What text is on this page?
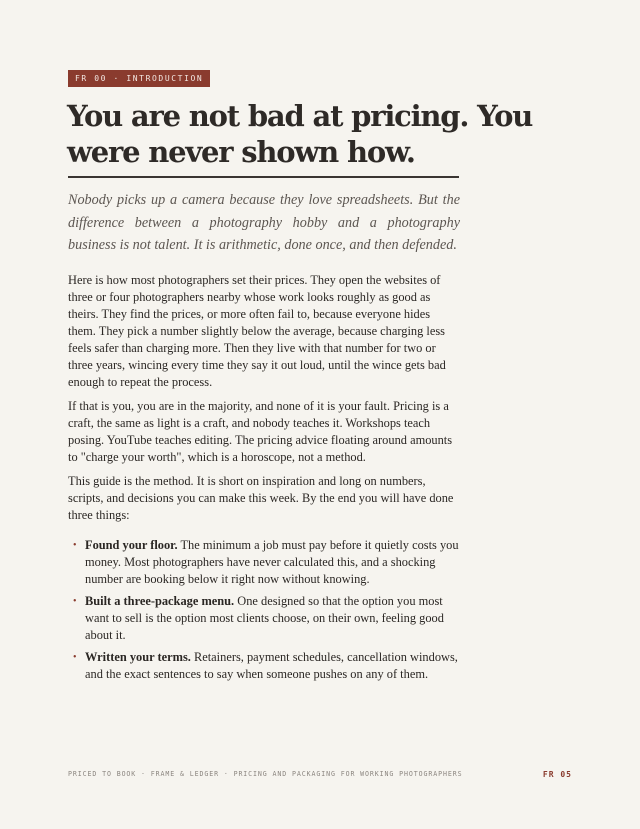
FR 00 · INTRODUCTION
You are not bad at pricing. You were never shown how.

Nobody picks up a camera because they love spreadsheets. But the difference between a photography hobby and a photography business is not talent. It is arithmetic, done once, and then defended.

Here is how most photographers set their prices. They open the websites of three or four photographers nearby whose work looks roughly as good as theirs. They find the prices, or more often fail to, because everyone hides them. They pick a number slightly below the average, because charging less feels safer than charging more. Then they live with that number for two or three years, wincing every time they say it out loud, until the wince gets bad enough to repeat the process.

If that is you, you are in the majority, and none of it is your fault. Pricing is a craft, the same as light is a craft, and nobody teaches it. Workshops teach posing. YouTube teaches editing. The pricing advice floating around amounts to "charge your worth", which is a horoscope, not a method.

This guide is the method. It is short on inspiration and long on numbers, scripts, and decisions you can make this week. By the end you will have done three things:

• Found your floor. The minimum a job must pay before it quietly costs you money. Most photographers have never calculated this, and a shocking number are booking below it right now without knowing.
• Built a three-package menu. One designed so that the option you most want to sell is the option most clients choose, on their own, feeling good about it.
• Written your terms. Retainers, payment schedules, cancellation windows, and the exact sentences to say when someone pushes on any of them.
PRICED TO BOOK · FRAME & LEDGER · PRICING AND PACKAGING FOR WORKING PHOTOGRAPHERS	FR 05
